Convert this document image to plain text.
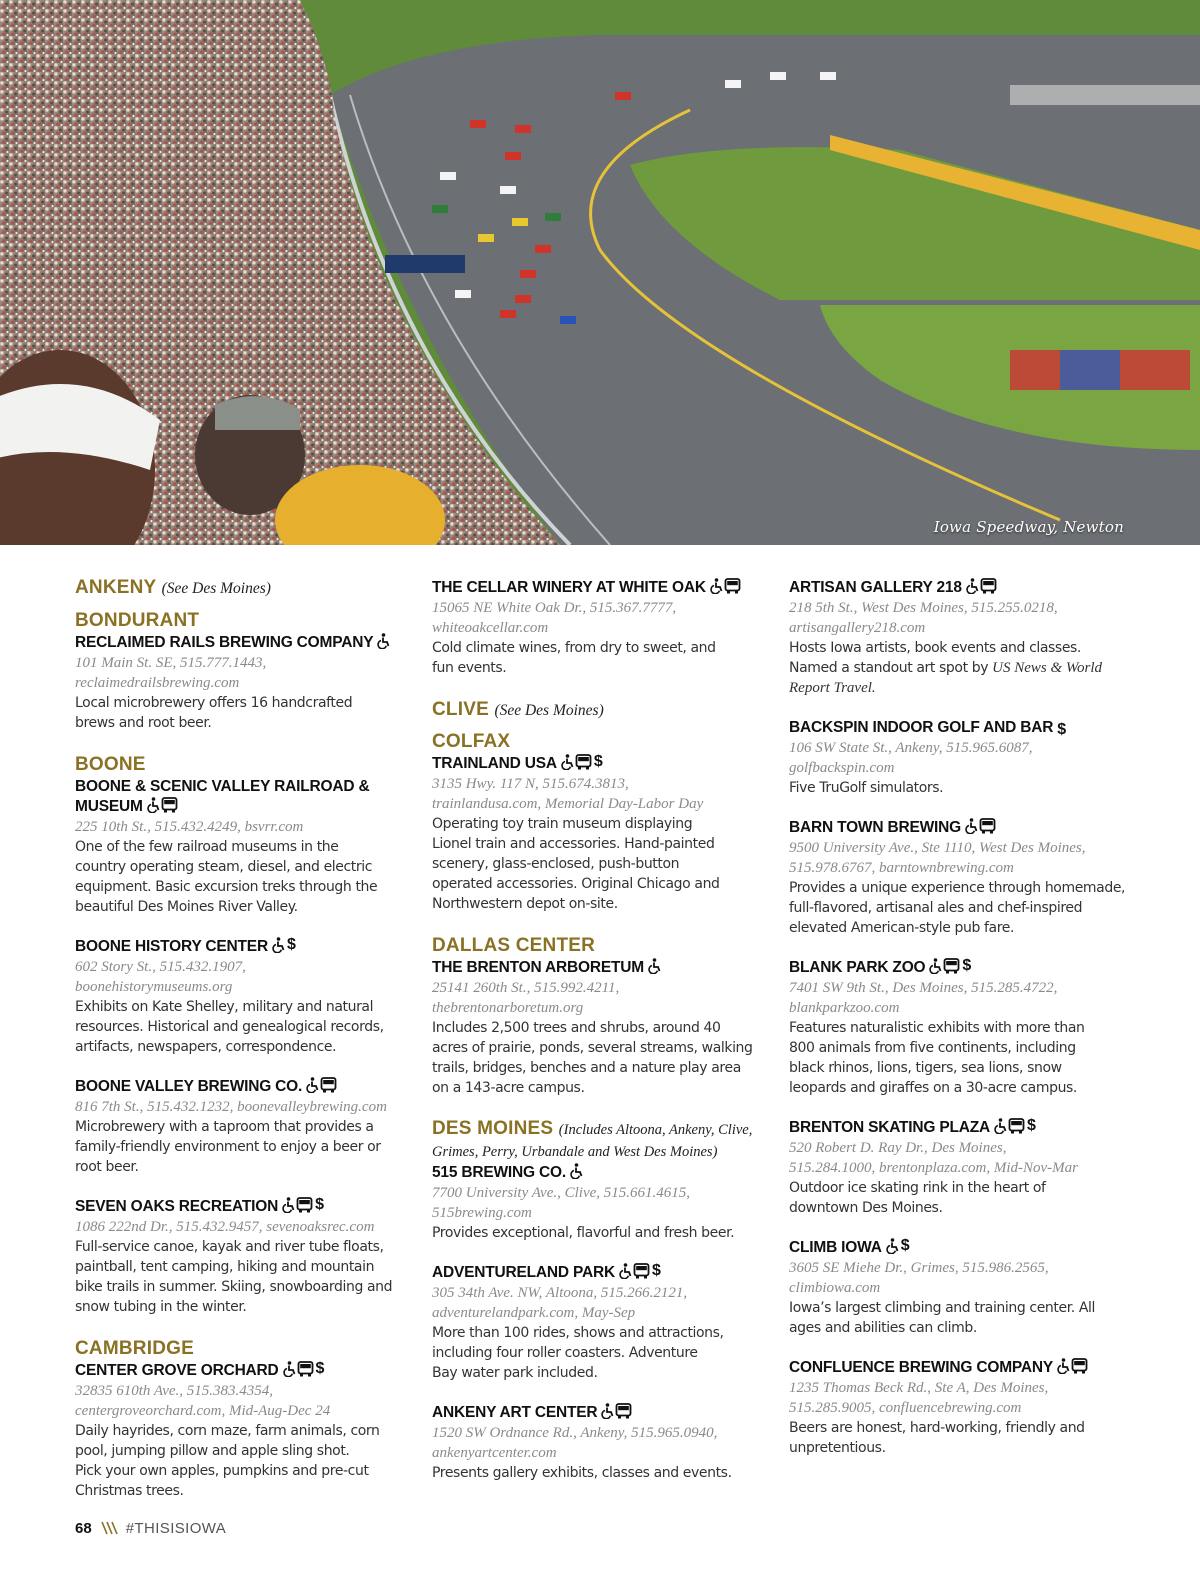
Iowa Speedway, Newton
ANKENY (See Des Moines)
BONDURANT
RECLAIMED RAILS BREWING COMPANY
101 Main St. SE, 515.777.1443,
reclaimedrailsbrewing.com
Local microbrewery offers 16 handcrafted
brews and root beer.
BOONE
BOONE & SCENIC VALLEY RAILROAD &
MUSEUM
225 10th St., 515.432.4249, bsvrr.com
One of the few railroad museums in the
country operating steam, diesel, and electric
equipment. Basic excursion treks through the
beautiful Des Moines River Valley.
BOONE HISTORY CENTER $
602 Story St., 515.432.1907,
boonehistorymuseums.org
Exhibits on Kate Shelley, military and natural
resources. Historical and genealogical records,
artifacts, newspapers, correspondence.
BOONE VALLEY BREWING CO.
816 7th St., 515.432.1232, boonevalleybrewing.com
Microbrewery with a taproom that provides a
family-friendly environment to enjoy a beer or
root beer.
SEVEN OAKS RECREATION $
1086 222nd Dr., 515.432.9457, sevenoaksrec.com
Full-service canoe, kayak and river tube floats,
paintball, tent camping, hiking and mountain
bike trails in summer. Skiing, snowboarding and
snow tubing in the winter.
CAMBRIDGE
CENTER GROVE ORCHARD $
32835 610th Ave., 515.383.4354,
centergroveorchard.com, Mid-Aug-Dec 24
Daily hayrides, corn maze, farm animals, corn
pool, jumping pillow and apple sling shot.
Pick your own apples, pumpkins and pre-cut
Christmas trees.
THE CELLAR WINERY AT WHITE OAK
15065 NE White Oak Dr., 515.367.7777,
whiteoakcellar.com
Cold climate wines, from dry to sweet, and
fun events.
CLIVE (See Des Moines)
COLFAX
TRAINLAND USA $
3135 Hwy. 117 N, 515.674.3813,
trainlandusa.com, Memorial Day-Labor Day
Operating toy train museum displaying
Lionel train and accessories. Hand-painted
scenery, glass-enclosed, push-button
operated accessories. Original Chicago and
Northwestern depot on-site.
DALLAS CENTER
THE BRENTON ARBORETUM
25141 260th St., 515.992.4211,
thebrentonarboretum.org
Includes 2,500 trees and shrubs, around 40
acres of prairie, ponds, several streams, walking
trails, bridges, benches and a nature play area
on a 143-acre campus.
DES MOINES (Includes Altoona, Ankeny, Clive,
Grimes, Perry, Urbandale and West Des Moines)
515 BREWING CO.
7700 University Ave., Clive, 515.661.4615,
515brewing.com
Provides exceptional, flavorful and fresh beer.
ADVENTURELAND PARK $
305 34th Ave. NW, Altoona, 515.266.2121,
adventurelandpark.com, May-Sep
More than 100 rides, shows and attractions,
including four roller coasters. Adventure
Bay water park included.
ANKENY ART CENTER
1520 SW Ordnance Rd., Ankeny, 515.965.0940,
ankenyartcenter.com
Presents gallery exhibits, classes and events.
ARTISAN GALLERY 218
218 5th St., West Des Moines, 515.255.0218,
artisangallery218.com
Hosts Iowa artists, book events and classes.
Named a standout art spot by US News & World
Report Travel.
BACKSPIN INDOOR GOLF AND BAR $
106 SW State St., Ankeny, 515.965.6087,
golfbackspin.com
Five TruGolf simulators.
BARN TOWN BREWING
9500 University Ave., Ste 1110, West Des Moines,
515.978.6767, barntownbrewing.com
Provides a unique experience through homemade,
full-flavored, artisanal ales and chef-inspired
elevated American-style pub fare.
BLANK PARK ZOO $
7401 SW 9th St., Des Moines, 515.285.4722,
blankparkzoo.com
Features naturalistic exhibits with more than
800 animals from five continents, including
black rhinos, lions, tigers, sea lions, snow
leopards and giraffes on a 30-acre campus.
BRENTON SKATING PLAZA $
520 Robert D. Ray Dr., Des Moines,
515.284.1000, brentonplaza.com, Mid-Nov-Mar
Outdoor ice skating rink in the heart of
downtown Des Moines.
CLIMB IOWA $
3605 SE Miehe Dr., Grimes, 515.986.2565,
climbiowa.com
Iowa’s largest climbing and training center. All
ages and abilities can climb.
CONFLUENCE BREWING COMPANY
1235 Thomas Beck Rd., Ste A, Des Moines,
515.285.9005, confluencebrewing.com
Beers are honest, hard-working, friendly and
unpretentious.
68 #THISISIOWA
